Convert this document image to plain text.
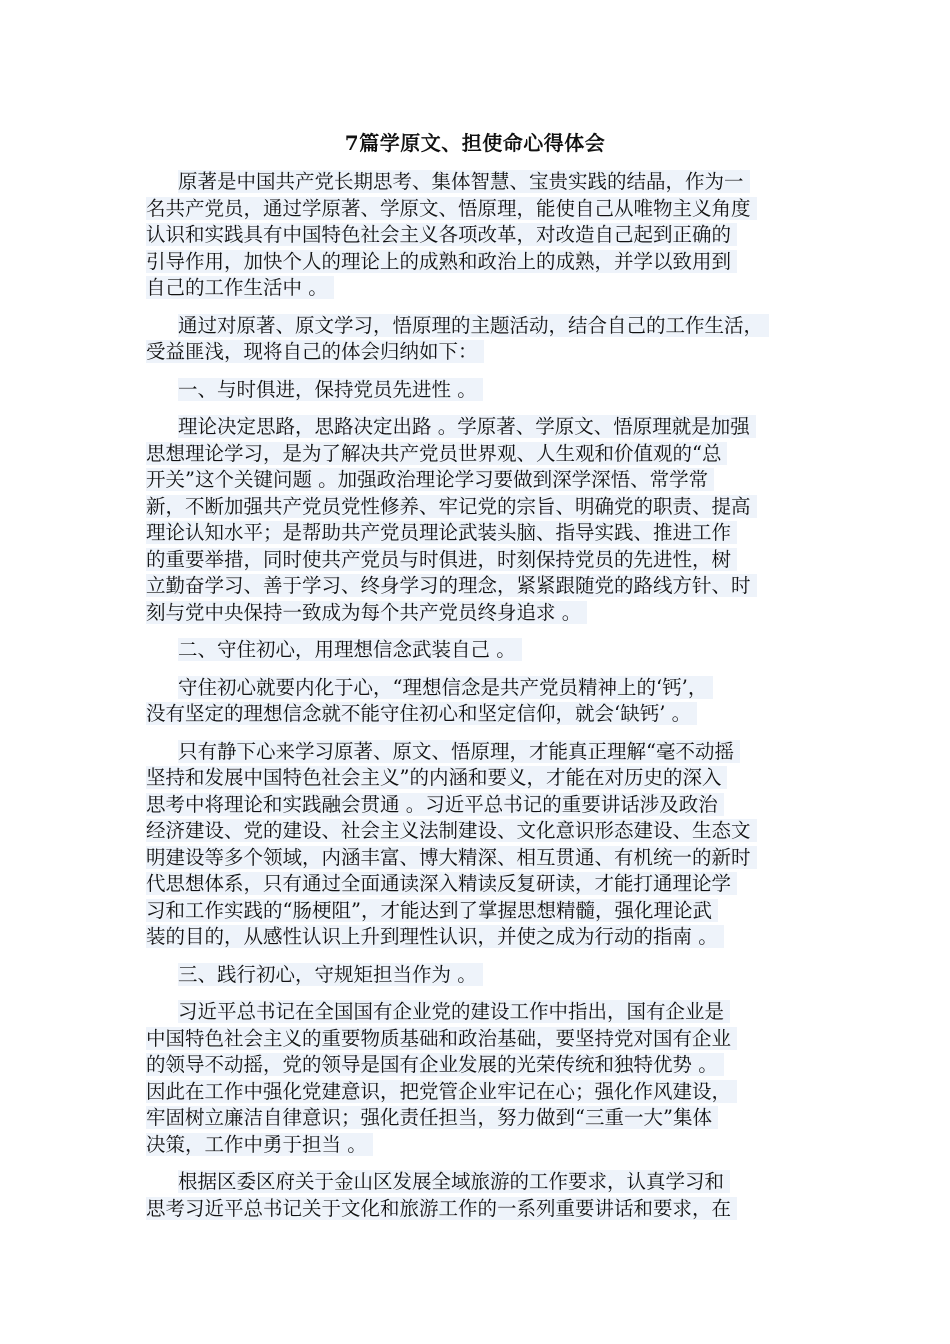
7篇学原文、担使命心得体会
原著是中国共产党长期思考、集体智慧、宝贵实践的结晶，作为一
名共产党员，通过学原著、学原文、悟原理，能使自己从唯物主义角度
认识和实践具有中国特色社会主义各项改革，对改造自己起到正确的
引导作用，加快个人的理论上的成熟和政治上的成熟，并学以致用到
自己的工作生活中 。
通过对原著、原文学习，悟原理的主题活动，结合自己的工作生活，
受益匪浅，现将自己的体会归纳如下：
一、与时俱进，保持党员先进性 。
理论决定思路，思路决定出路 。学原著、学原文、悟原理就是加强
思想理论学习，是为了解决共产党员世界观、人生观和价值观的“总
开关”这个关键问题 。加强政治理论学习要做到深学深悟、常学常
新，不断加强共产党员党性修养、牢记党的宗旨、明确党的职责、提高
理论认知水平；是帮助共产党员理论武装头脑、指导实践、推进工作
的重要举措，同时使共产党员与时俱进，时刻保持党员的先进性，树
立勤奋学习、善于学习、终身学习的理念，紧紧跟随党的路线方针、时
刻与党中央保持一致成为每个共产党员终身追求 。
二、守住初心，用理想信念武装自己 。
守住初心就要内化于心，“理想信念是共产党员精神上的‘钙’，
没有坚定的理想信念就不能守住初心和坚定信仰，就会‘缺钙’ 。
只有静下心来学习原著、原文、悟原理，才能真正理解“毫不动摇
坚持和发展中国特色社会主义”的内涵和要义，才能在对历史的深入
思考中将理论和实践融会贯通 。习近平总书记的重要讲话涉及政治
经济建设、党的建设、社会主义法制建设、文化意识形态建设、生态文
明建设等多个领域，内涵丰富、博大精深、相互贯通、有机统一的新时
代思想体系，只有通过全面通读深入精读反复研读，才能打通理论学
习和工作实践的“肠梗阻”，才能达到了掌握思想精髓，强化理论武
装的目的，从感性认识上升到理性认识，并使之成为行动的指南 。
三、践行初心，守规矩担当作为 。
习近平总书记在全国国有企业党的建设工作中指出，国有企业是
中国特色社会主义的重要物质基础和政治基础，要坚持党对国有企业
的领导不动摇，党的领导是国有企业发展的光荣传统和独特优势 。
因此在工作中强化党建意识，把党管企业牢记在心；强化作风建设，
牢固树立廉洁自律意识；强化责任担当，努力做到“三重一大”集体
决策，工作中勇于担当 。
根据区委区府关于金山区发展全域旅游的工作要求，认真学习和
思考习近平总书记关于文化和旅游工作的一系列重要讲话和要求，在
